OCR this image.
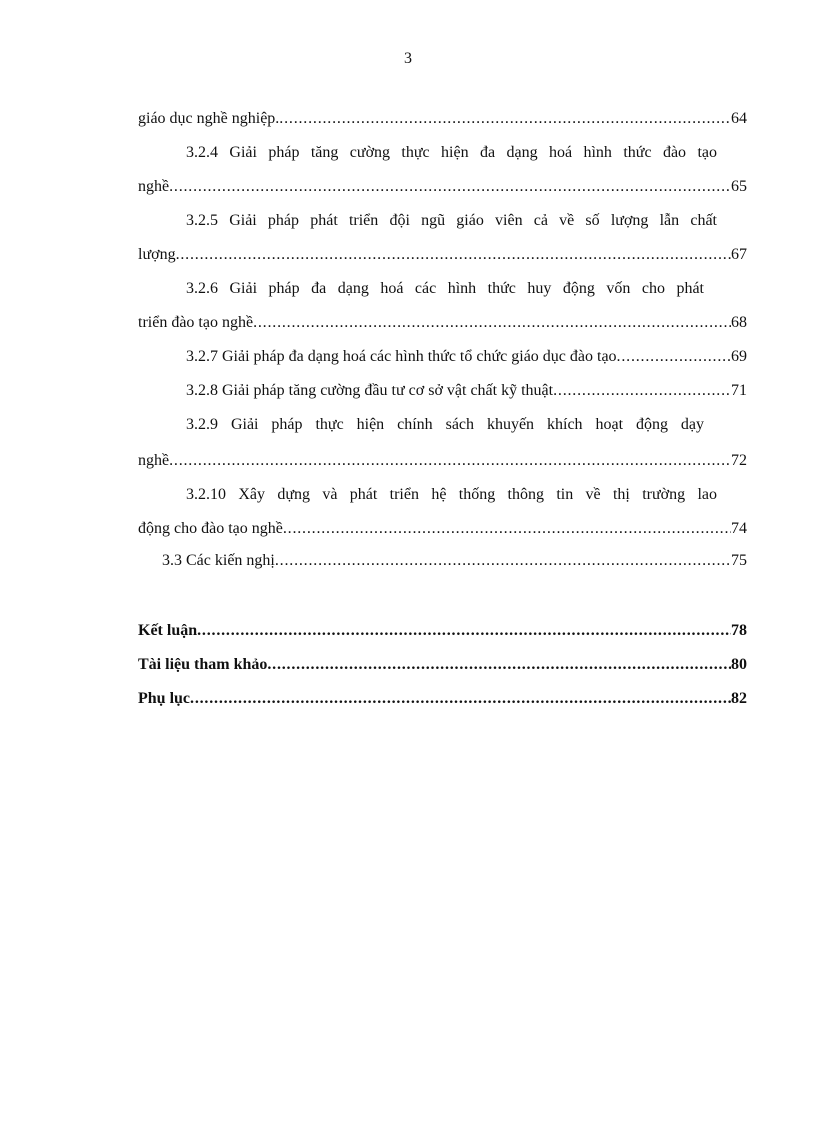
3
giáo dục nghề nghiệp. . . .	64
3.2.4 Giải pháp tăng cường thực hiện đa dạng hoá hình thức đào tạo
nghề . . .	65
3.2.5 Giải pháp phát triển đội ngũ giáo viên cả về số lượng lẫn chất
lượng . . .	67
3.2.6 Giải pháp đa dạng hoá các hình thức huy động vốn cho phát
triển đào tạo nghề . . .	68
3.2.7 Giải pháp đa dạng hoá các hình thức tổ chức giáo dục đào tạo . . .	69
3.2.8 Giải pháp tăng cường đầu tư cơ sở vật chất kỹ thuật . . .	71
3.2.9 Giải pháp thực hiện chính sách khuyến khích hoạt động dạy
nghề . . .	72
3.2.10 Xây dựng và phát triển hệ thống thông tin về thị trường lao
động cho đào tạo nghề . . .	74
3.3 Các kiến nghị . . .	75
Kết luận . . .	78
Tài liệu tham khảo . . .	80
Phụ lục . . .	82
